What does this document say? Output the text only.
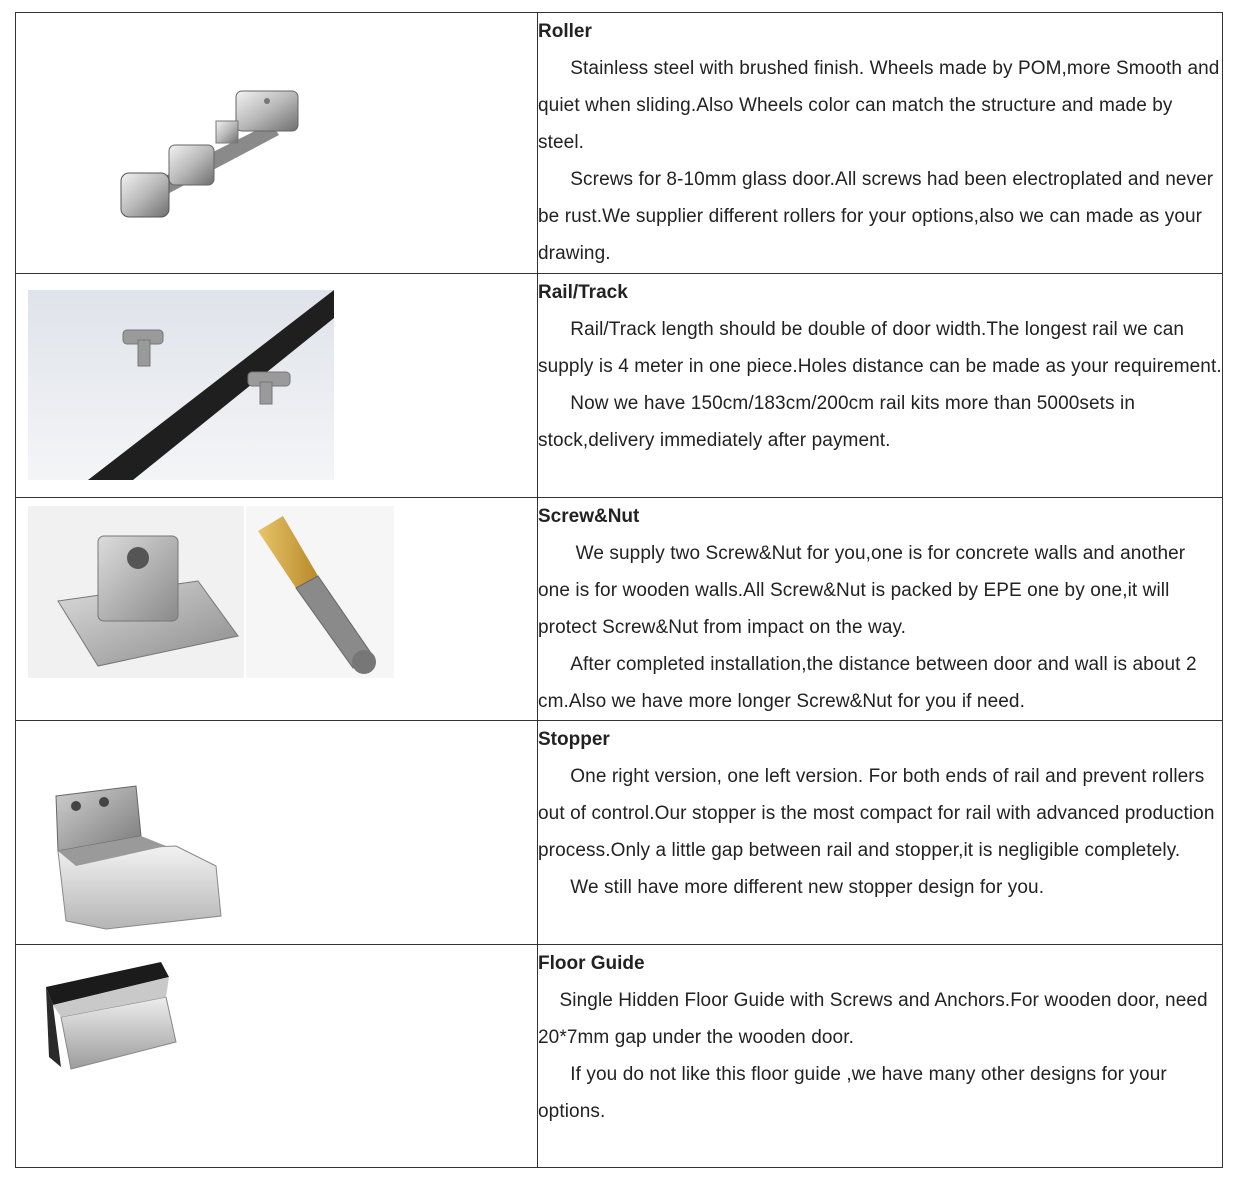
Roller
Stainless steel with brushed finish. Wheels made by POM,more Smooth and quiet when sliding.Also Wheels color can match the structure and made by steel.
Screws for 8-10mm glass door.All screws had been electroplated and never be rust.We supplier different rollers for your options,also we can made as your drawing.

Rail/Track
Rail/Track length should be double of door width.The longest rail we can supply is 4 meter in one piece.Holes distance can be made as your requirement.
Now we have 150cm/183cm/200cm rail kits more than 5000sets in stock,delivery immediately after payment.

Screw&Nut
We supply two Screw&Nut for you,one is for concrete walls and another one is for wooden walls.All Screw&Nut is packed by EPE one by one,it will protect Screw&Nut from impact on the way.
After completed installation,the distance between door and wall is about 2 cm.Also we have more longer Screw&Nut for you if need.

Stopper
One right version, one left version. For both ends of rail and prevent rollers out of control.Our stopper is the most compact for rail with advanced production process.Only a little gap between rail and stopper,it is negligible completely.
We still have more different new stopper design for you.

Floor Guide
Single Hidden Floor Guide with Screws and Anchors.For wooden door, need 20*7mm gap under the wooden door.
If you do not like this floor guide ,we have many other designs for your options.
